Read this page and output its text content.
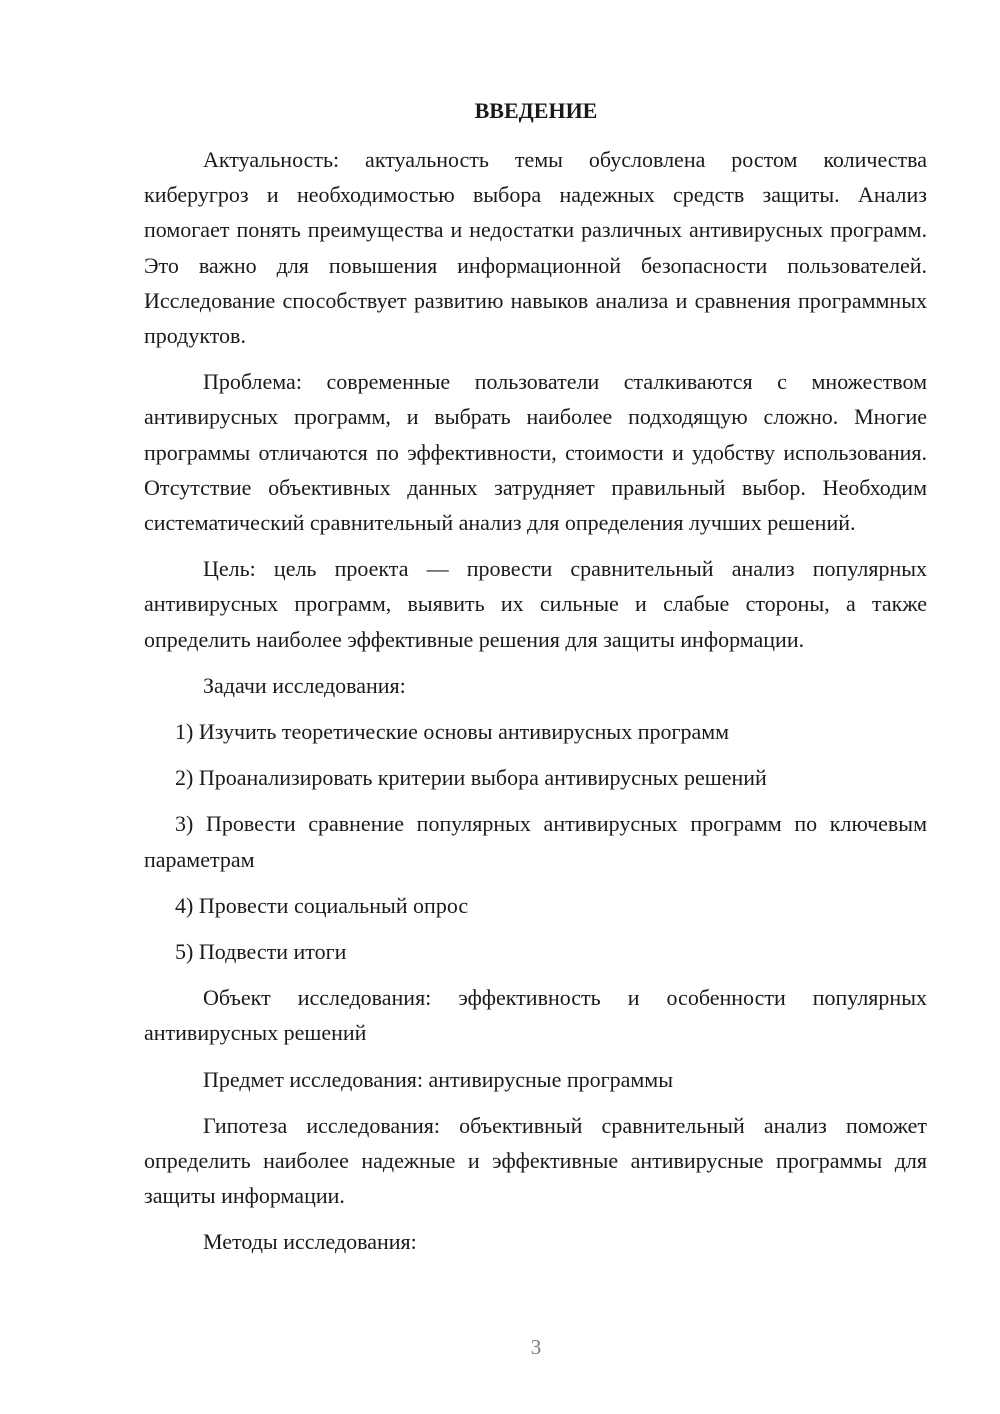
ВВЕДЕНИЕ

Актуальность: актуальность темы обусловлена ростом количества киберугроз и необходимостью выбора надежных средств защиты. Анализ помогает понять преимущества и недостатки различных антивирусных программ. Это важно для повышения информационной безопасности пользователей. Исследование способствует развитию навыков анализа и сравнения программных продуктов.

Проблема: современные пользователи сталкиваются с множеством антивирусных программ, и выбрать наиболее подходящую сложно. Многие программы отличаются по эффективности, стоимости и удобству использования. Отсутствие объективных данных затрудняет правильный выбор. Необходим систематический сравнительный анализ для определения лучших решений.

Цель: цель проекта — провести сравнительный анализ популярных антивирусных программ, выявить их сильные и слабые стороны, а также определить наиболее эффективные решения для защиты информации.

Задачи исследования:

1) Изучить теоретические основы антивирусных программ

2) Проанализировать критерии выбора антивирусных решений

3) Провести сравнение популярных антивирусных программ по ключевым параметрам

4) Провести социальный опрос

5) Подвести итоги

Объект исследования: эффективность и особенности популярных антивирусных решений

Предмет исследования: антивирусные программы

Гипотеза исследования: объективный сравнительный анализ поможет определить наиболее надежные и эффективные антивирусные программы для защиты информации.

Методы исследования:

3
